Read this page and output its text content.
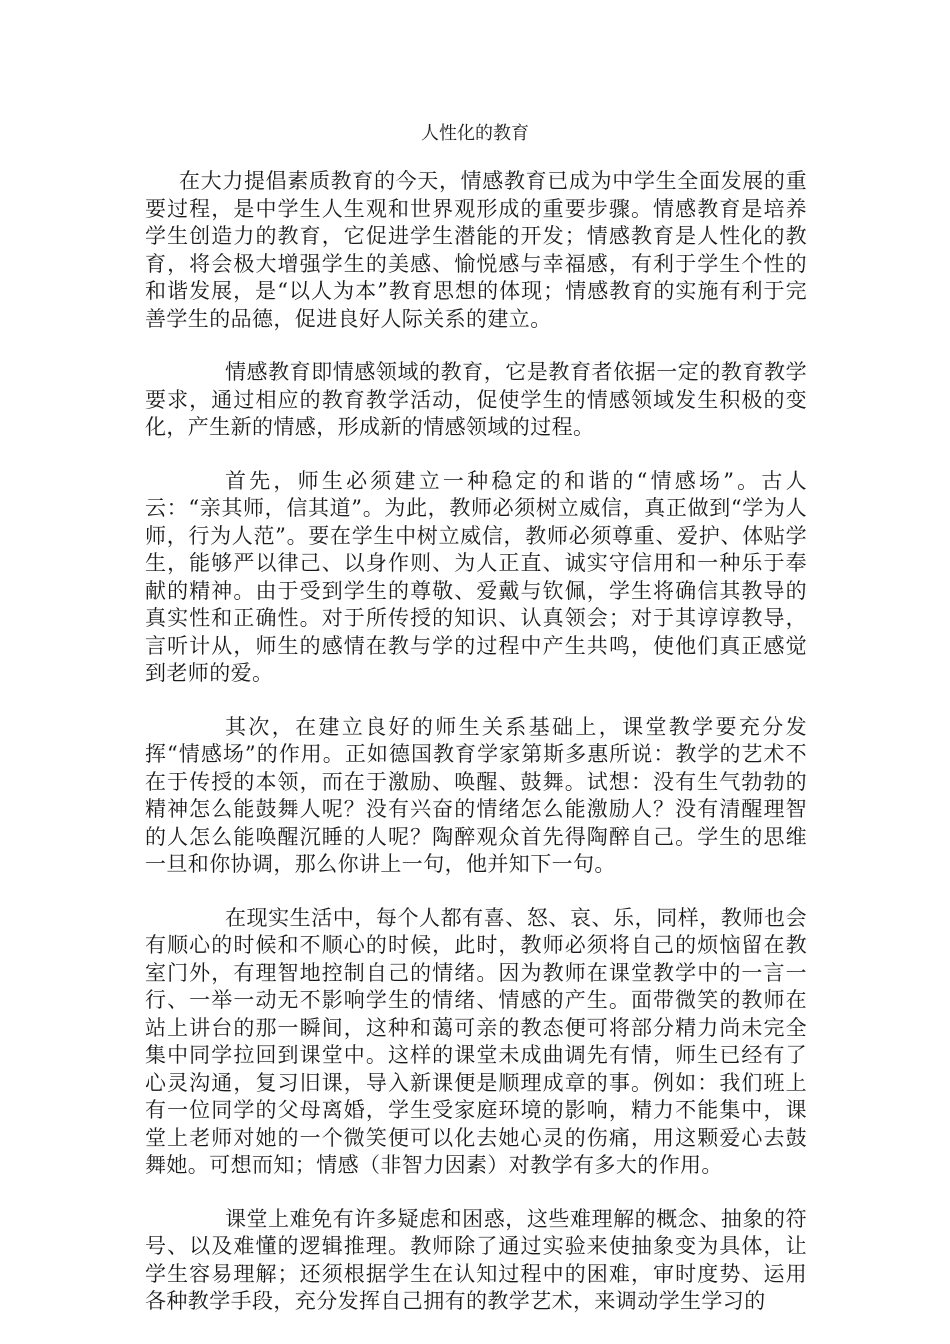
人性化的教育

在大力提倡素质教育的今天，情感教育已成为中学生全面发展的重要过程，是中学生人生观和世界观形成的重要步骤。情感教育是培养学生创造力的教育，它促进学生潜能的开发；情感教育是人性化的教育，将会极大增强学生的美感、愉悦感与幸福感，有利于学生个性的和谐发展，是“以人为本”教育思想的体现；情感教育的实施有利于完善学生的品德，促进良好人际关系的建立。

情感教育即情感领域的教育，它是教育者依据一定的教育教学要求，通过相应的教育教学活动，促使学生的情感领域发生积极的变化，产生新的情感，形成新的情感领域的过程。

首先，师生必须建立一种稳定的和谐的“情感场”。古人云：“亲其师，信其道”。为此，教师必须树立威信，真正做到“学为人师，行为人范”。要在学生中树立威信，教师必须尊重、爱护、体贴学生，能够严以律己、以身作则、为人正直、诚实守信用和一种乐于奉献的精神。由于受到学生的尊敬、爱戴与钦佩，学生将确信其教导的真实性和正确性。对于所传授的知识、认真领会；对于其谆谆教导，言听计从，师生的感情在教与学的过程中产生共鸣，使他们真正感觉到老师的爱。

其次，在建立良好的师生关系基础上，课堂教学要充分发挥“情感场”的作用。正如德国教育学家第斯多惠所说：教学的艺术不在于传授的本领，而在于激励、唤醒、鼓舞。试想：没有生气勃勃的精神怎么能鼓舞人呢？没有兴奋的情绪怎么能激励人？没有清醒理智的人怎么能唤醒沉睡的人呢？陶醉观众首先得陶醉自己。学生的思维一旦和你协调，那么你讲上一句，他并知下一句。

在现实生活中，每个人都有喜、怒、哀、乐，同样，教师也会有顺心的时候和不顺心的时候，此时，教师必须将自己的烦恼留在教室门外，有理智地控制自己的情绪。因为教师在课堂教学中的一言一行、一举一动无不影响学生的情绪、情感的产生。面带微笑的教师在站上讲台的那一瞬间，这种和蔼可亲的教态便可将部分精力尚未完全集中同学拉回到课堂中。这样的课堂未成曲调先有情，师生已经有了心灵沟通，复习旧课，导入新课便是顺理成章的事。例如：我们班上有一位同学的父母离婚，学生受家庭环境的影响，精力不能集中，课堂上老师对她的一个微笑便可以化去她心灵的伤痛，用这颗爱心去鼓舞她。可想而知；情感（非智力因素）对教学有多大的作用。

课堂上难免有许多疑虑和困惑，这些难理解的概念、抽象的符号、以及难懂的逻辑推理。教师除了通过实验来使抽象变为具体，让学生容易理解；还须根据学生在认知过程中的困难，审时度势、运用各种教学手段，充分发挥自己拥有的教学艺术，来调动学生学习的
